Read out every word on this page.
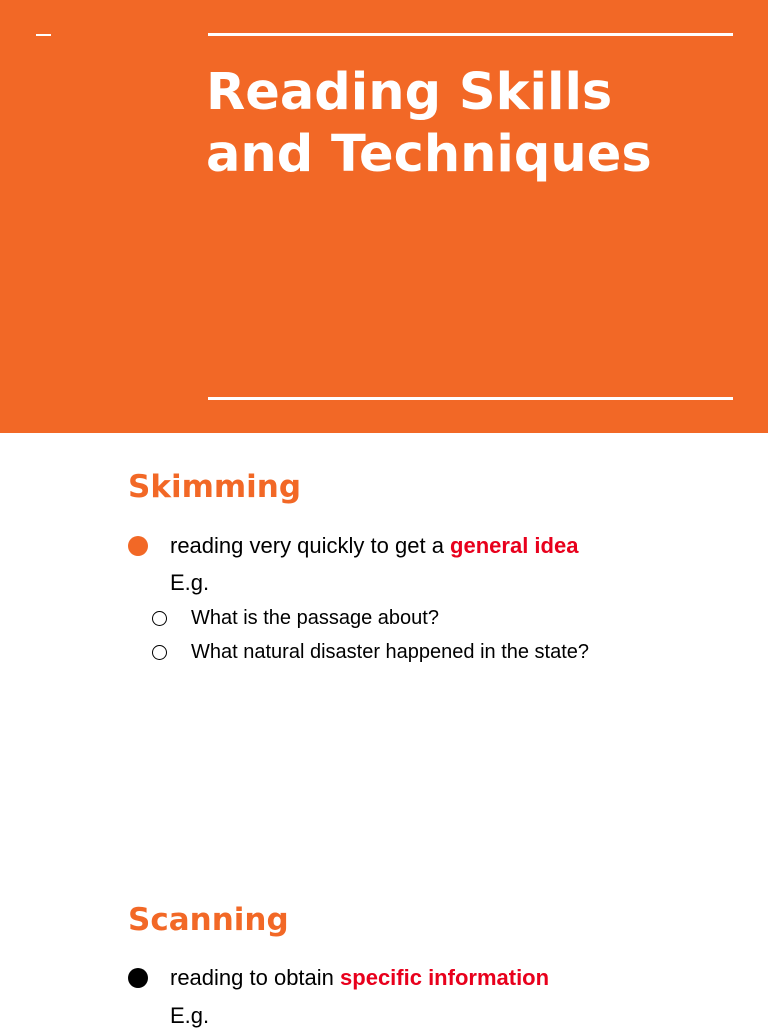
Reading Skills
and Techniques
Skimming
reading very quickly to get a general idea
E.g.
What is the passage about?
What natural disaster happened in the state?
Scanning
reading to obtain specific information
E.g.
